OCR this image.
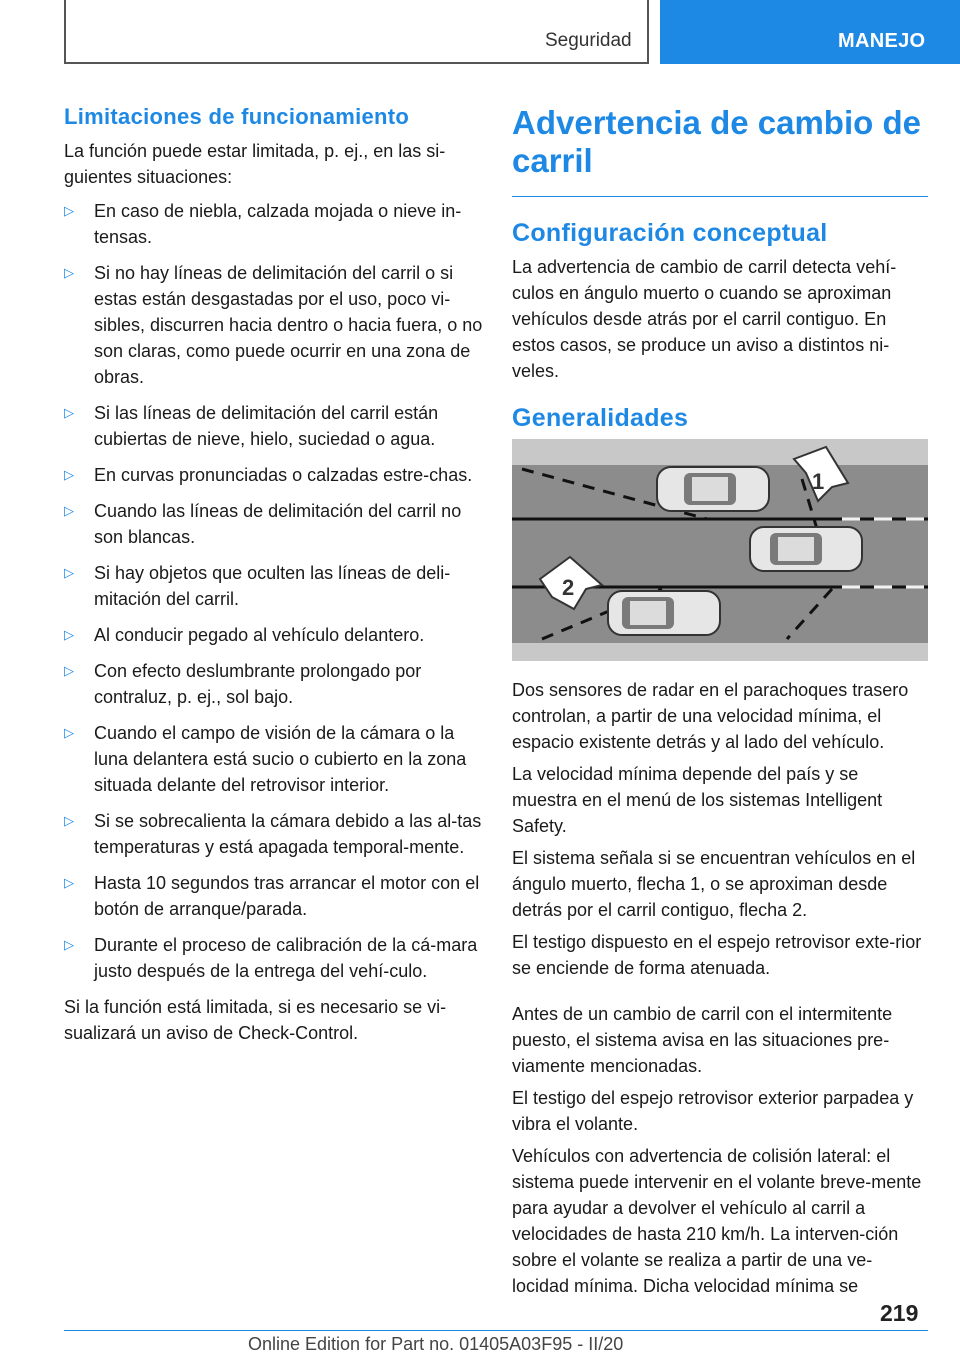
Seguridad	MANEJO
Limitaciones de funcionamiento

La función puede estar limitada, p. ej., en las si-guientes situaciones:

▷ En caso de niebla, calzada mojada o nieve in-tensas.
▷ Si no hay líneas de delimitación del carril o si estas están desgastadas por el uso, poco vi-sibles, discurren hacia dentro o hacia fuera, o no son claras, como puede ocurrir en una zona de obras.
▷ Si las líneas de delimitación del carril están cubiertas de nieve, hielo, suciedad o agua.
▷ En curvas pronunciadas o calzadas estre-chas.
▷ Cuando las líneas de delimitación del carril no son blancas.
▷ Si hay objetos que oculten las líneas de deli-mitación del carril.
▷ Al conducir pegado al vehículo delantero.
▷ Con efecto deslumbrante prolongado por contraluz, p. ej., sol bajo.
▷ Cuando el campo de visión de la cámara o la luna delantera está sucio o cubierto en la zona situada delante del retrovisor interior.
▷ Si se sobrecalienta la cámara debido a las al-tas temperaturas y está apagada temporal-mente.
▷ Hasta 10 segundos tras arrancar el motor con el botón de arranque/parada.
▷ Durante el proceso de calibración de la cá-mara justo después de la entrega del vehí-culo.

Si la función está limitada, si es necesario se vi-sualizará un aviso de Check-Control.

Advertencia de cambio de carril
Configuración conceptual

La advertencia de cambio de carril detecta vehí-culos en ángulo muerto o cuando se aproximan vehículos desde atrás por el carril contiguo. En estos casos, se produce un aviso a distintos ni-veles.

Generalidades
1
2

Dos sensores de radar en el parachoques trasero controlan, a partir de una velocidad mínima, el espacio existente detrás y al lado del vehículo.

La velocidad mínima depende del país y se muestra en el menú de los sistemas Intelligent Safety.

El sistema señala si se encuentran vehículos en el ángulo muerto, flecha 1, o se aproximan desde detrás por el carril contiguo, flecha 2.

El testigo dispuesto en el espejo retrovisor exte-rior se enciende de forma atenuada.

Antes de un cambio de carril con el intermitente puesto, el sistema avisa en las situaciones pre-viamente mencionadas.

El testigo del espejo retrovisor exterior parpadea y vibra el volante.

Vehículos con advertencia de colisión lateral: el sistema puede intervenir en el volante breve-mente para ayudar a devolver el vehículo al carril a velocidades de hasta 210 km/h. La interven-ción sobre el volante se realiza a partir de una ve-locidad mínima. Dicha velocidad mínima se

219
Online Edition for Part no. 01405A03F95 - II/20
